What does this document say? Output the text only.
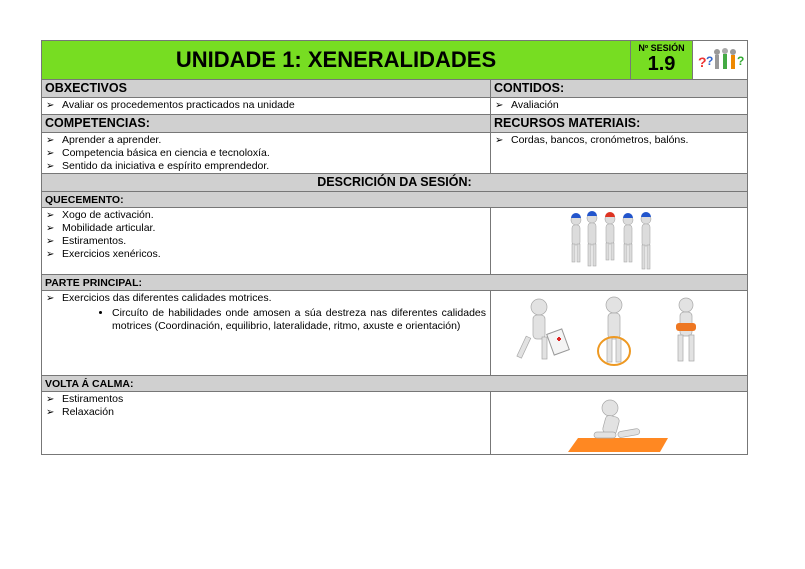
UNIDADE 1: XENERALIDADES	Nº SESIÓN
1.9	? ? ?
OBXECTIVOS	CONTIDOS:
➢ Avaliar os procedementos practicados na unidade
➢	Avaliación
COMPETENCIAS:	RECURSOS MATERIAIS:
➢ Aprender a aprender.
➢ Competencia básica en ciencia e tecnoloxía.
➢ Sentido da iniciativa e espírito emprendedor.
➢ Cordas, bancos, cronómetros, balóns.
DESCRICIÓN DA SESIÓN:
QUECEMENTO:
➢ Xogo de activación.
➢ Mobilidade articular.
➢ Estiramentos.
➢ Exercicios xenéricos.
PARTE PRINCIPAL:
➢ Exercicios das diferentes calidades motrices.
• Circuíto de habilidades onde amosen a súa destreza nas diferentes calidades motrices (Coordinación, equilibrio, lateralidade, ritmo, axuste e orientación)
VOLTA Á CALMA:
➢ Estiramentos
➢ Relaxación
